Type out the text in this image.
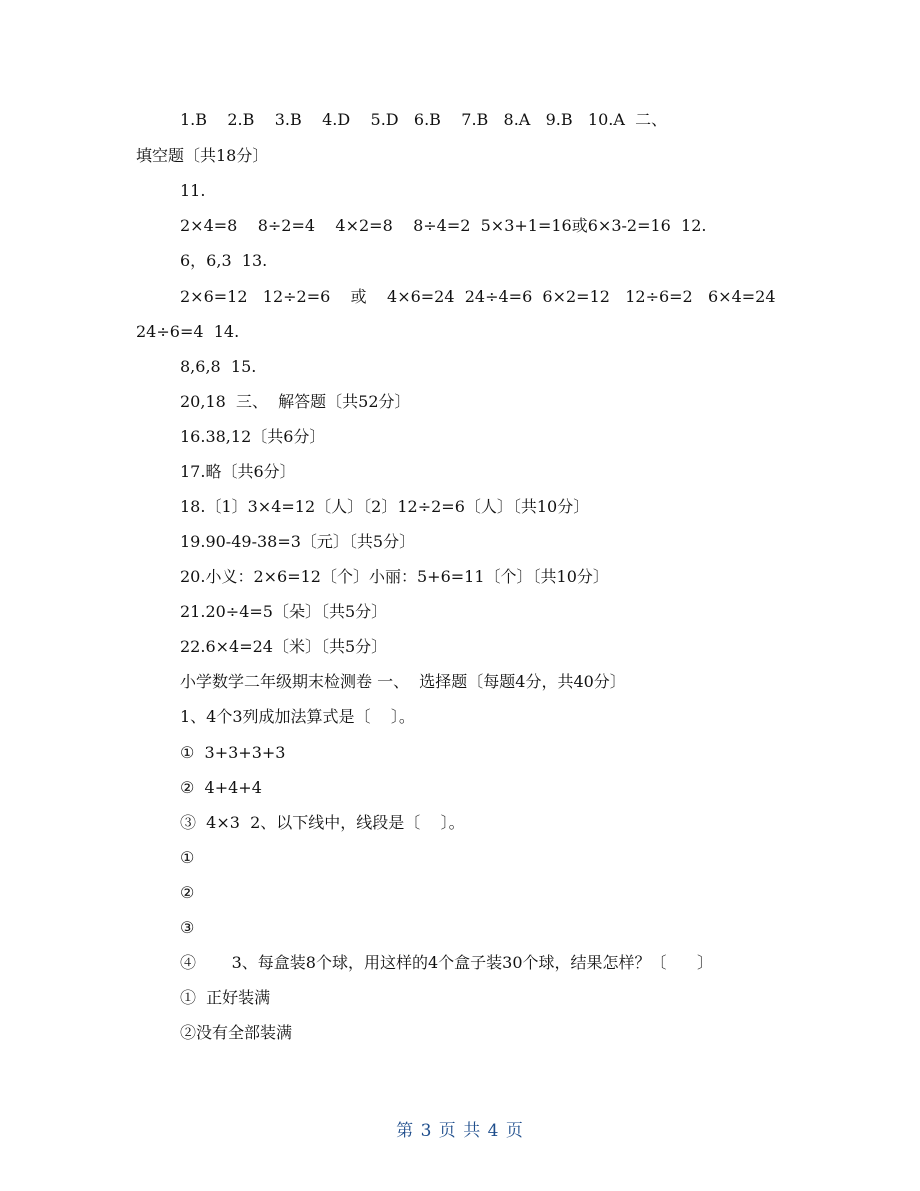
1.B    2.B    3.B    4.D    5.D   6.B    7.B   8.A   9.B   10.A  二、
填空题〔共18分〕
11.
2×4=8    8÷2=4    4×2=8    8÷4=2  5×3+1=16或6×3-2=16  12.
6，6,3  13.
2×6=12   12÷2=6    或    4×6=24  24÷4=6  6×2=12   12÷6=2   6×4=24
24÷6=4  14.
8,6,8  15.
20,18  三、  解答题〔共52分〕
16.38,12〔共6分〕
17.略〔共6分〕
18.〔1〕3×4=12〔人〕〔2〕12÷2=6〔人〕〔共10分〕
19.90-49-38=3〔元〕〔共5分〕
20.小义：2×6=12〔个〕小丽：5+6=11〔个〕〔共10分〕
21.20÷4=5〔朵〕〔共5分〕
22.6×4=24〔米〕〔共5分〕
小学数学二年级期末检测卷 一、  选择题〔每题4分，共40分〕
1、4个3列成加法算式是〔    〕。
①  3+3+3+3
②  4+4+4
③  4×3  2、以下线中，线段是〔    〕。
①
②
③
④       3、每盒装8个球，用这样的4个盒子装30个球，结果怎样？〔      〕
①  正好装满
②没有全部装满
第 3 页 共 4 页
